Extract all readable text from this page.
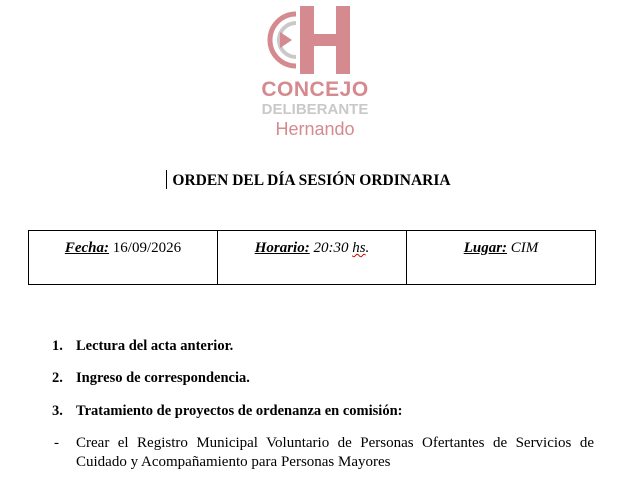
CONCEJO
DELIBERANTE
Hernando
ORDEN DEL DÍA SESIÓN ORDINARIA
Fecha: 16/09/2026	Horario: 20:30 hs.	Lugar: CIM
1. Lectura del acta anterior.
2. Ingreso de correspondencia.
3. Tratamiento de proyectos de ordenanza en comisión:
- Crear el Registro Municipal Voluntario de Personas Ofertantes de Servicios de Cuidado y Acompañamiento para Personas Mayores
